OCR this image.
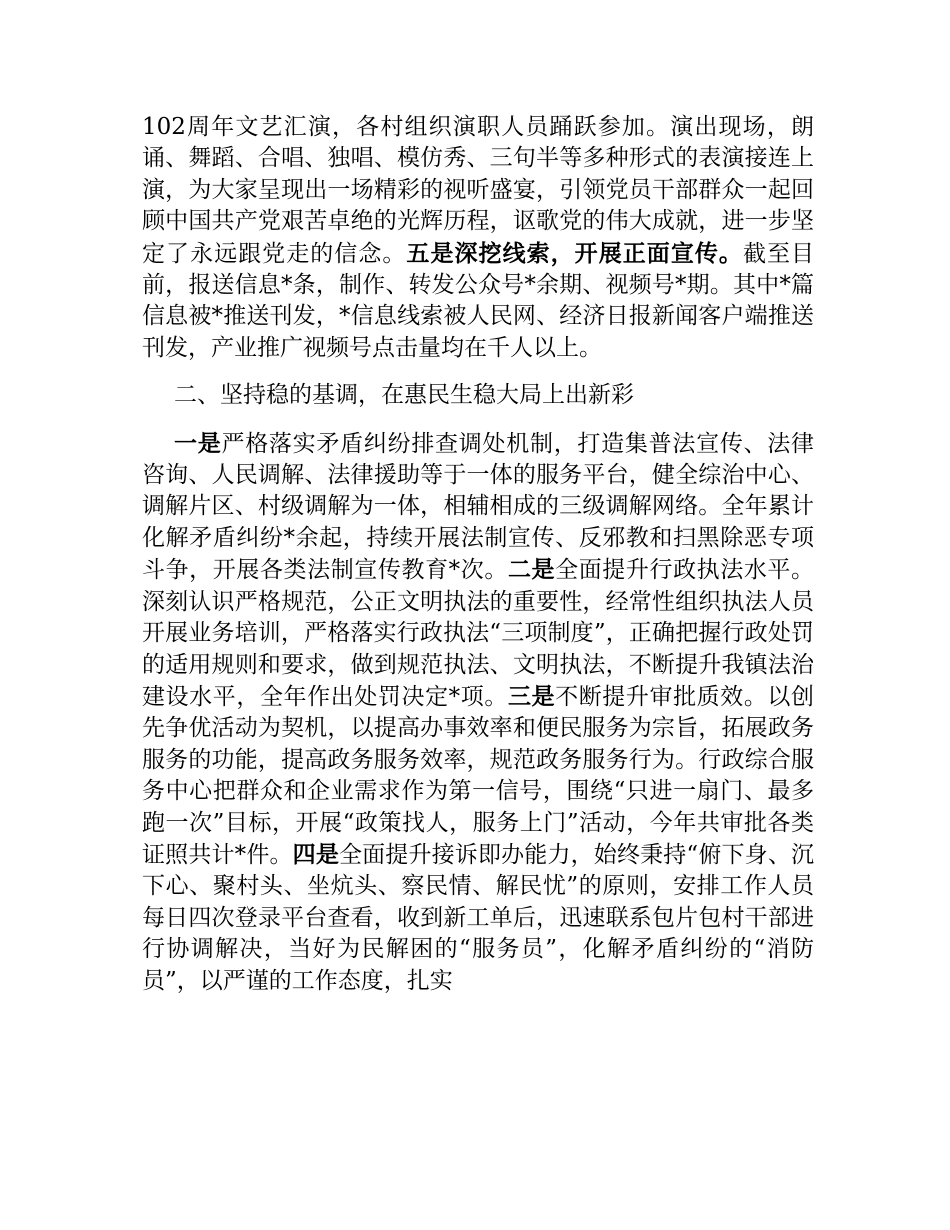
102周年文艺汇演，各村组织演职人员踊跃参加。演出现场，朗诵、舞蹈、合唱、独唱、模仿秀、三句半等多种形式的表演接连上演，为大家呈现出一场精彩的视听盛宴，引领党员干部群众一起回顾中国共产党艰苦卓绝的光辉历程，讴歌党的伟大成就，进一步坚定了永远跟党走的信念。五是深挖线索，开展正面宣传。截至目前，报送信息*条，制作、转发公众号*余期、视频号*期。其中*篇信息被*推送刊发，*信息线索被人民网、经济日报新闻客户端推送刊发，产业推广视频号点击量均在千人以上。

二、坚持稳的基调，在惠民生稳大局上出新彩

一是严格落实矛盾纠纷排查调处机制，打造集普法宣传、法律咨询、人民调解、法律援助等于一体的服务平台，健全综治中心、调解片区、村级调解为一体，相辅相成的三级调解网络。全年累计化解矛盾纠纷*余起，持续开展法制宣传、反邪教和扫黑除恶专项斗争，开展各类法制宣传教育*次。二是全面提升行政执法水平。深刻认识严格规范，公正文明执法的重要性，经常性组织执法人员开展业务培训，严格落实行政执法“三项制度”，正确把握行政处罚的适用规则和要求，做到规范执法、文明执法，不断提升我镇法治建设水平，全年作出处罚决定*项。三是不断提升审批质效。以创先争优活动为契机，以提高办事效率和便民服务为宗旨，拓展政务服务的功能，提高政务服务效率，规范政务服务行为。行政综合服务中心把群众和企业需求作为第一信号，围绕“只进一扇门、最多跑一次”目标，开展“政策找人，服务上门”活动，今年共审批各类证照共计*件。四是全面提升接诉即办能力，始终秉持“俯下身、沉下心、聚村头、坐炕头、察民情、解民忧”的原则，安排工作人员每日四次登录平台查看，收到新工单后，迅速联系包片包村干部进行协调解决，当好为民解困的“服务员”，化解矛盾纠纷的“消防员”，以严谨的工作态度，扎实
